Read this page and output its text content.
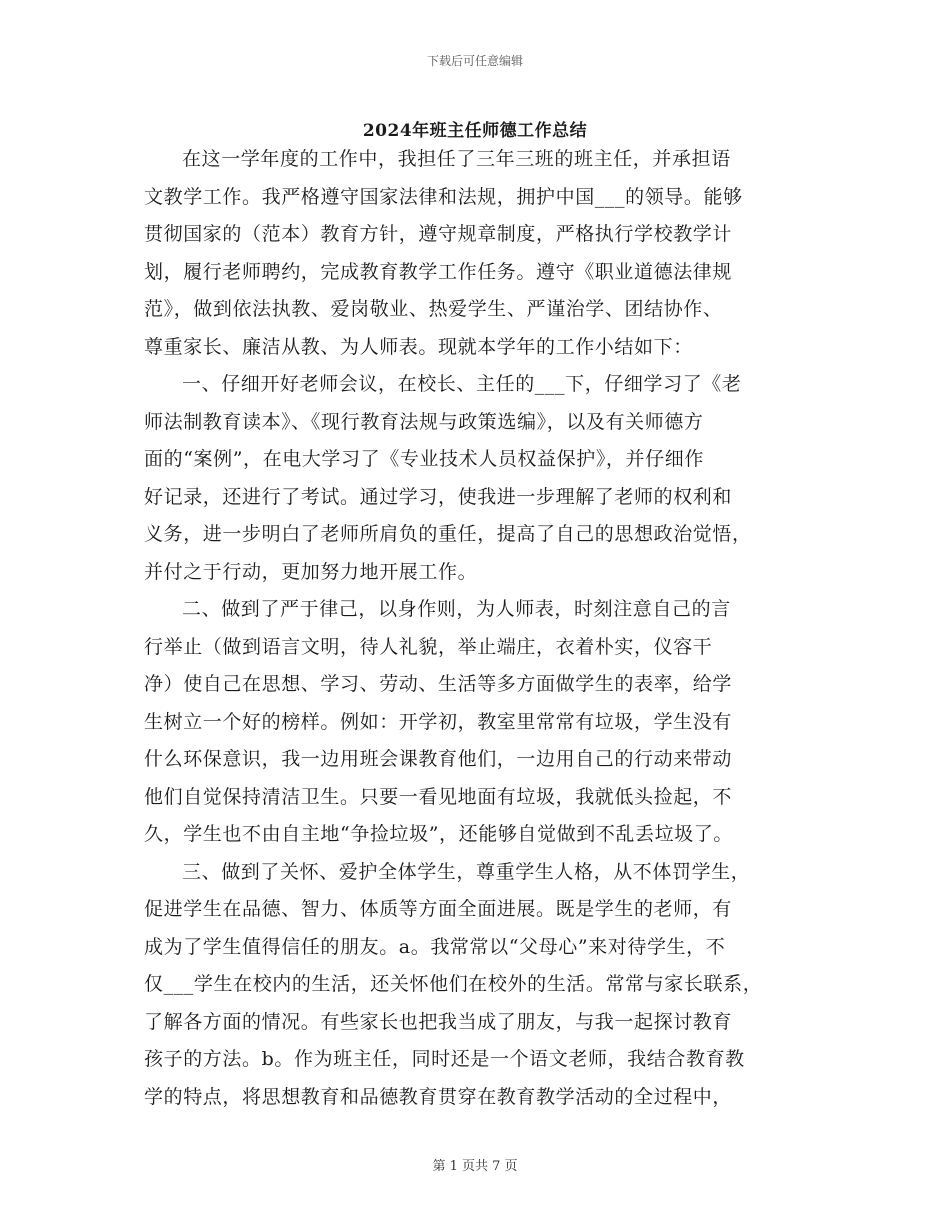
下载后可任意编辑
2024年班主任师德工作总结
在这一学年度的工作中，我担任了三年三班的班主任，并承担语
文教学工作。我严格遵守国家法律和法规，拥护中国___的领导。能够
贯彻国家的（范本）教育方针，遵守规章制度，严格执行学校教学计
划，履行老师聘约，完成教育教学工作任务。遵守《职业道德法律规
范》，做到依法执教、爱岗敬业、热爱学生、严谨治学、团结协作、
尊重家长、廉洁从教、为人师表。现就本学年的工作小结如下：
一、仔细开好老师会议，在校长、主任的___下，仔细学习了《老
师法制教育读本》、《现行教育法规与政策选编》，以及有关师德方
面的“案例”，在电大学习了《专业技术人员权益保护》，并仔细作
好记录，还进行了考试。通过学习，使我进一步理解了老师的权利和
义务，进一步明白了老师所肩负的重任，提高了自己的思想政治觉悟，
并付之于行动，更加努力地开展工作。
二、做到了严于律己，以身作则，为人师表，时刻注意自己的言
行举止（做到语言文明，待人礼貌，举止端庄，衣着朴实，仪容干
净）使自己在思想、学习、劳动、生活等多方面做学生的表率，给学
生树立一个好的榜样。例如：开学初，教室里常常有垃圾，学生没有
什么环保意识，我一边用班会课教育他们，一边用自己的行动来带动
他们自觉保持清洁卫生。只要一看见地面有垃圾，我就低头捡起，不
久，学生也不由自主地“争捡垃圾”，还能够自觉做到不乱丢垃圾了。
三、做到了关怀、爱护全体学生，尊重学生人格，从不体罚学生，
促进学生在品德、智力、体质等方面全面进展。既是学生的老师，有
成为了学生值得信任的朋友。a。我常常以“父母心”来对待学生，不
仅___学生在校内的生活，还关怀他们在校外的生活。常常与家长联系，
了解各方面的情况。有些家长也把我当成了朋友，与我一起探讨教育
孩子的方法。b。作为班主任，同时还是一个语文老师，我结合教育教
学的特点，将思想教育和品德教育贯穿在教育教学活动的全过程中，
第 1 页共 7 页
